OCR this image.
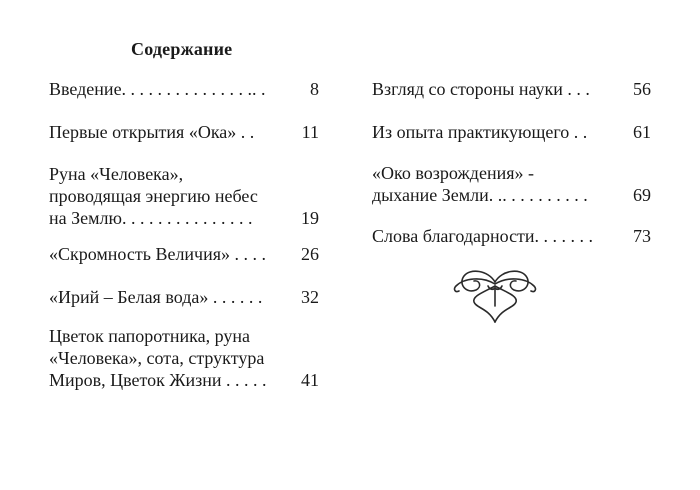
Содержание
Введение. . . . . . . . . . . . . . .. .	8
Первые открытия «Ока» . .	11
Руна «Человека»,
проводящая энергию небес
на Землю. . . . . . . . . . . . . . .	19
«Скромность Величия» . . . .	26
«Ирий – Белая вода» . . . . . .	32
Цветок папоротника, руна
«Человека», сота, структура
Миров, Цветок Жизни . . . . .	41
Взгляд со стороны науки . . .	56
Из опыта практикующего . .	61
«Око возрождения» -
дыхание Земли. .. . . . . . . . . .	69
Слова благодарности. . . . . . .	73
